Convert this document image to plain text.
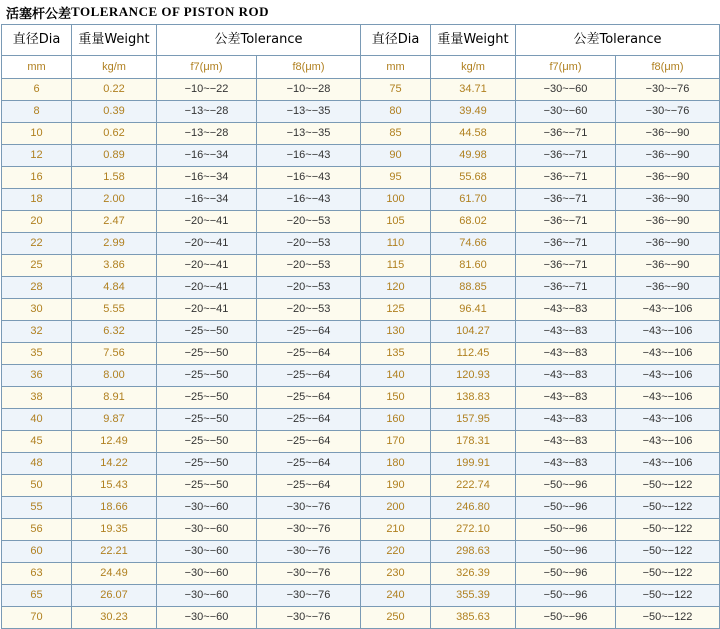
活塞杆公差 TOLERANCE OF PISTON ROD
直径Dia	重量Weight	公差Tolerance		直径Dia	重量Weight	公差Tolerance	
mm	kg/m	f7(μm)	f8(μm)	mm	kg/m	f7(μm)	f8(μm)
6	0.22	−10~−22	−10~−28	75	34.71	−30~−60	−30~−76
8	0.39	−13~−28	−13~−35	80	39.49	−30~−60	−30~−76
10	0.62	−13~−28	−13~−35	85	44.58	−36~−71	−36~−90
12	0.89	−16~−34	−16~−43	90	49.98	−36~−71	−36~−90
16	1.58	−16~−34	−16~−43	95	55.68	−36~−71	−36~−90
18	2.00	−16~−34	−16~−43	100	61.70	−36~−71	−36~−90
20	2.47	−20~−41	−20~−53	105	68.02	−36~−71	−36~−90
22	2.99	−20~−41	−20~−53	110	74.66	−36~−71	−36~−90
25	3.86	−20~−41	−20~−53	115	81.60	−36~−71	−36~−90
28	4.84	−20~−41	−20~−53	120	88.85	−36~−71	−36~−90
30	5.55	−20~−41	−20~−53	125	96.41	−43~−83	−43~−106
32	6.32	−25~−50	−25~−64	130	104.27	−43~−83	−43~−106
35	7.56	−25~−50	−25~−64	135	112.45	−43~−83	−43~−106
36	8.00	−25~−50	−25~−64	140	120.93	−43~−83	−43~−106
38	8.91	−25~−50	−25~−64	150	138.83	−43~−83	−43~−106
40	9.87	−25~−50	−25~−64	160	157.95	−43~−83	−43~−106
45	12.49	−25~−50	−25~−64	170	178.31	−43~−83	−43~−106
48	14.22	−25~−50	−25~−64	180	199.91	−43~−83	−43~−106
50	15.43	−25~−50	−25~−64	190	222.74	−50~−96	−50~−122
55	18.66	−30~−60	−30~−76	200	246.80	−50~−96	−50~−122
56	19.35	−30~−60	−30~−76	210	272.10	−50~−96	−50~−122
60	22.21	−30~−60	−30~−76	220	298.63	−50~−96	−50~−122
63	24.49	−30~−60	−30~−76	230	326.39	−50~−96	−50~−122
65	26.07	−30~−60	−30~−76	240	355.39	−50~−96	−50~−122
70	30.23	−30~−60	−30~−76	250	385.63	−50~−96	−50~−122
